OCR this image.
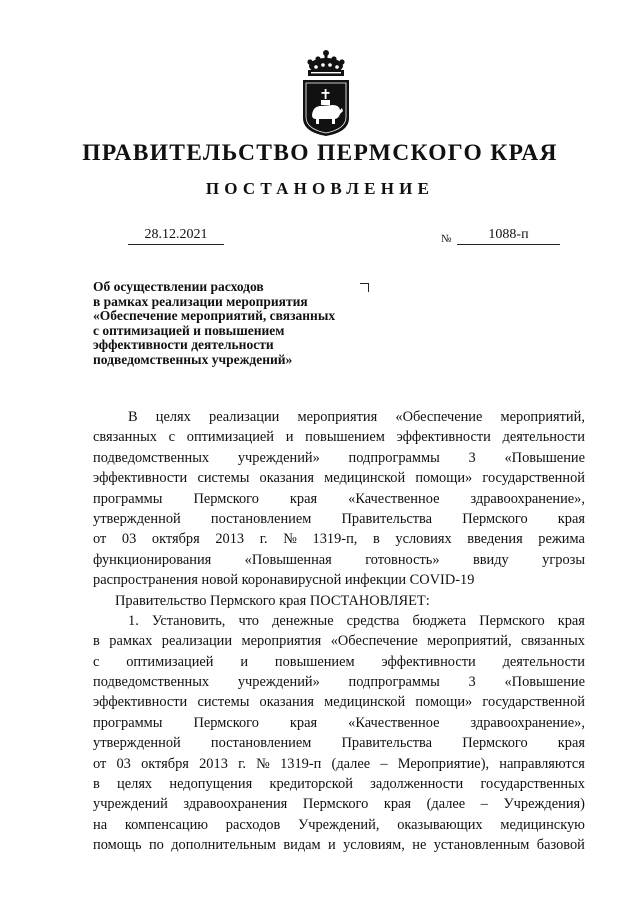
ПРАВИТЕЛЬСТВО ПЕРМСКОГО КРАЯ
ПОСТАНОВЛЕНИЕ
28.12.2021	№	1088-п
Об осуществлении расходов
в рамках реализации мероприятия
«Обеспечение мероприятий, связанных
с оптимизацией и повышением
эффективности деятельности
подведомственных учреждений»
В целях реализации мероприятия «Обеспечение мероприятий,
связанных с оптимизацией и повышением эффективности деятельности
подведомственных учреждений» подпрограммы 3 «Повышение
эффективности системы оказания медицинской помощи» государственной
программы Пермского края «Качественное здравоохранение»,
утвержденной постановлением Правительства Пермского края
от 03 октября 2013 г. № 1319-п, в условиях введения режима
функционирования «Повышенная готовность» ввиду угрозы
распространения новой коронавирусной инфекции COVID-19
Правительство Пермского края ПОСТАНОВЛЯЕТ:
1. Установить, что денежные средства бюджета Пермского края
в рамках реализации мероприятия «Обеспечение мероприятий, связанных
с оптимизацией и повышением эффективности деятельности
подведомственных учреждений» подпрограммы 3 «Повышение
эффективности системы оказания медицинской помощи» государственной
программы Пермского края «Качественное здравоохранение»,
утвержденной постановлением Правительства Пермского края
от 03 октября 2013 г. № 1319-п (далее – Мероприятие), направляются
в целях недопущения кредиторской задолженности государственных
учреждений здравоохранения Пермского края (далее – Учреждения)
на компенсацию расходов Учреждений, оказывающих медицинскую
помощь по дополнительным видам и условиям, не установленным базовой
